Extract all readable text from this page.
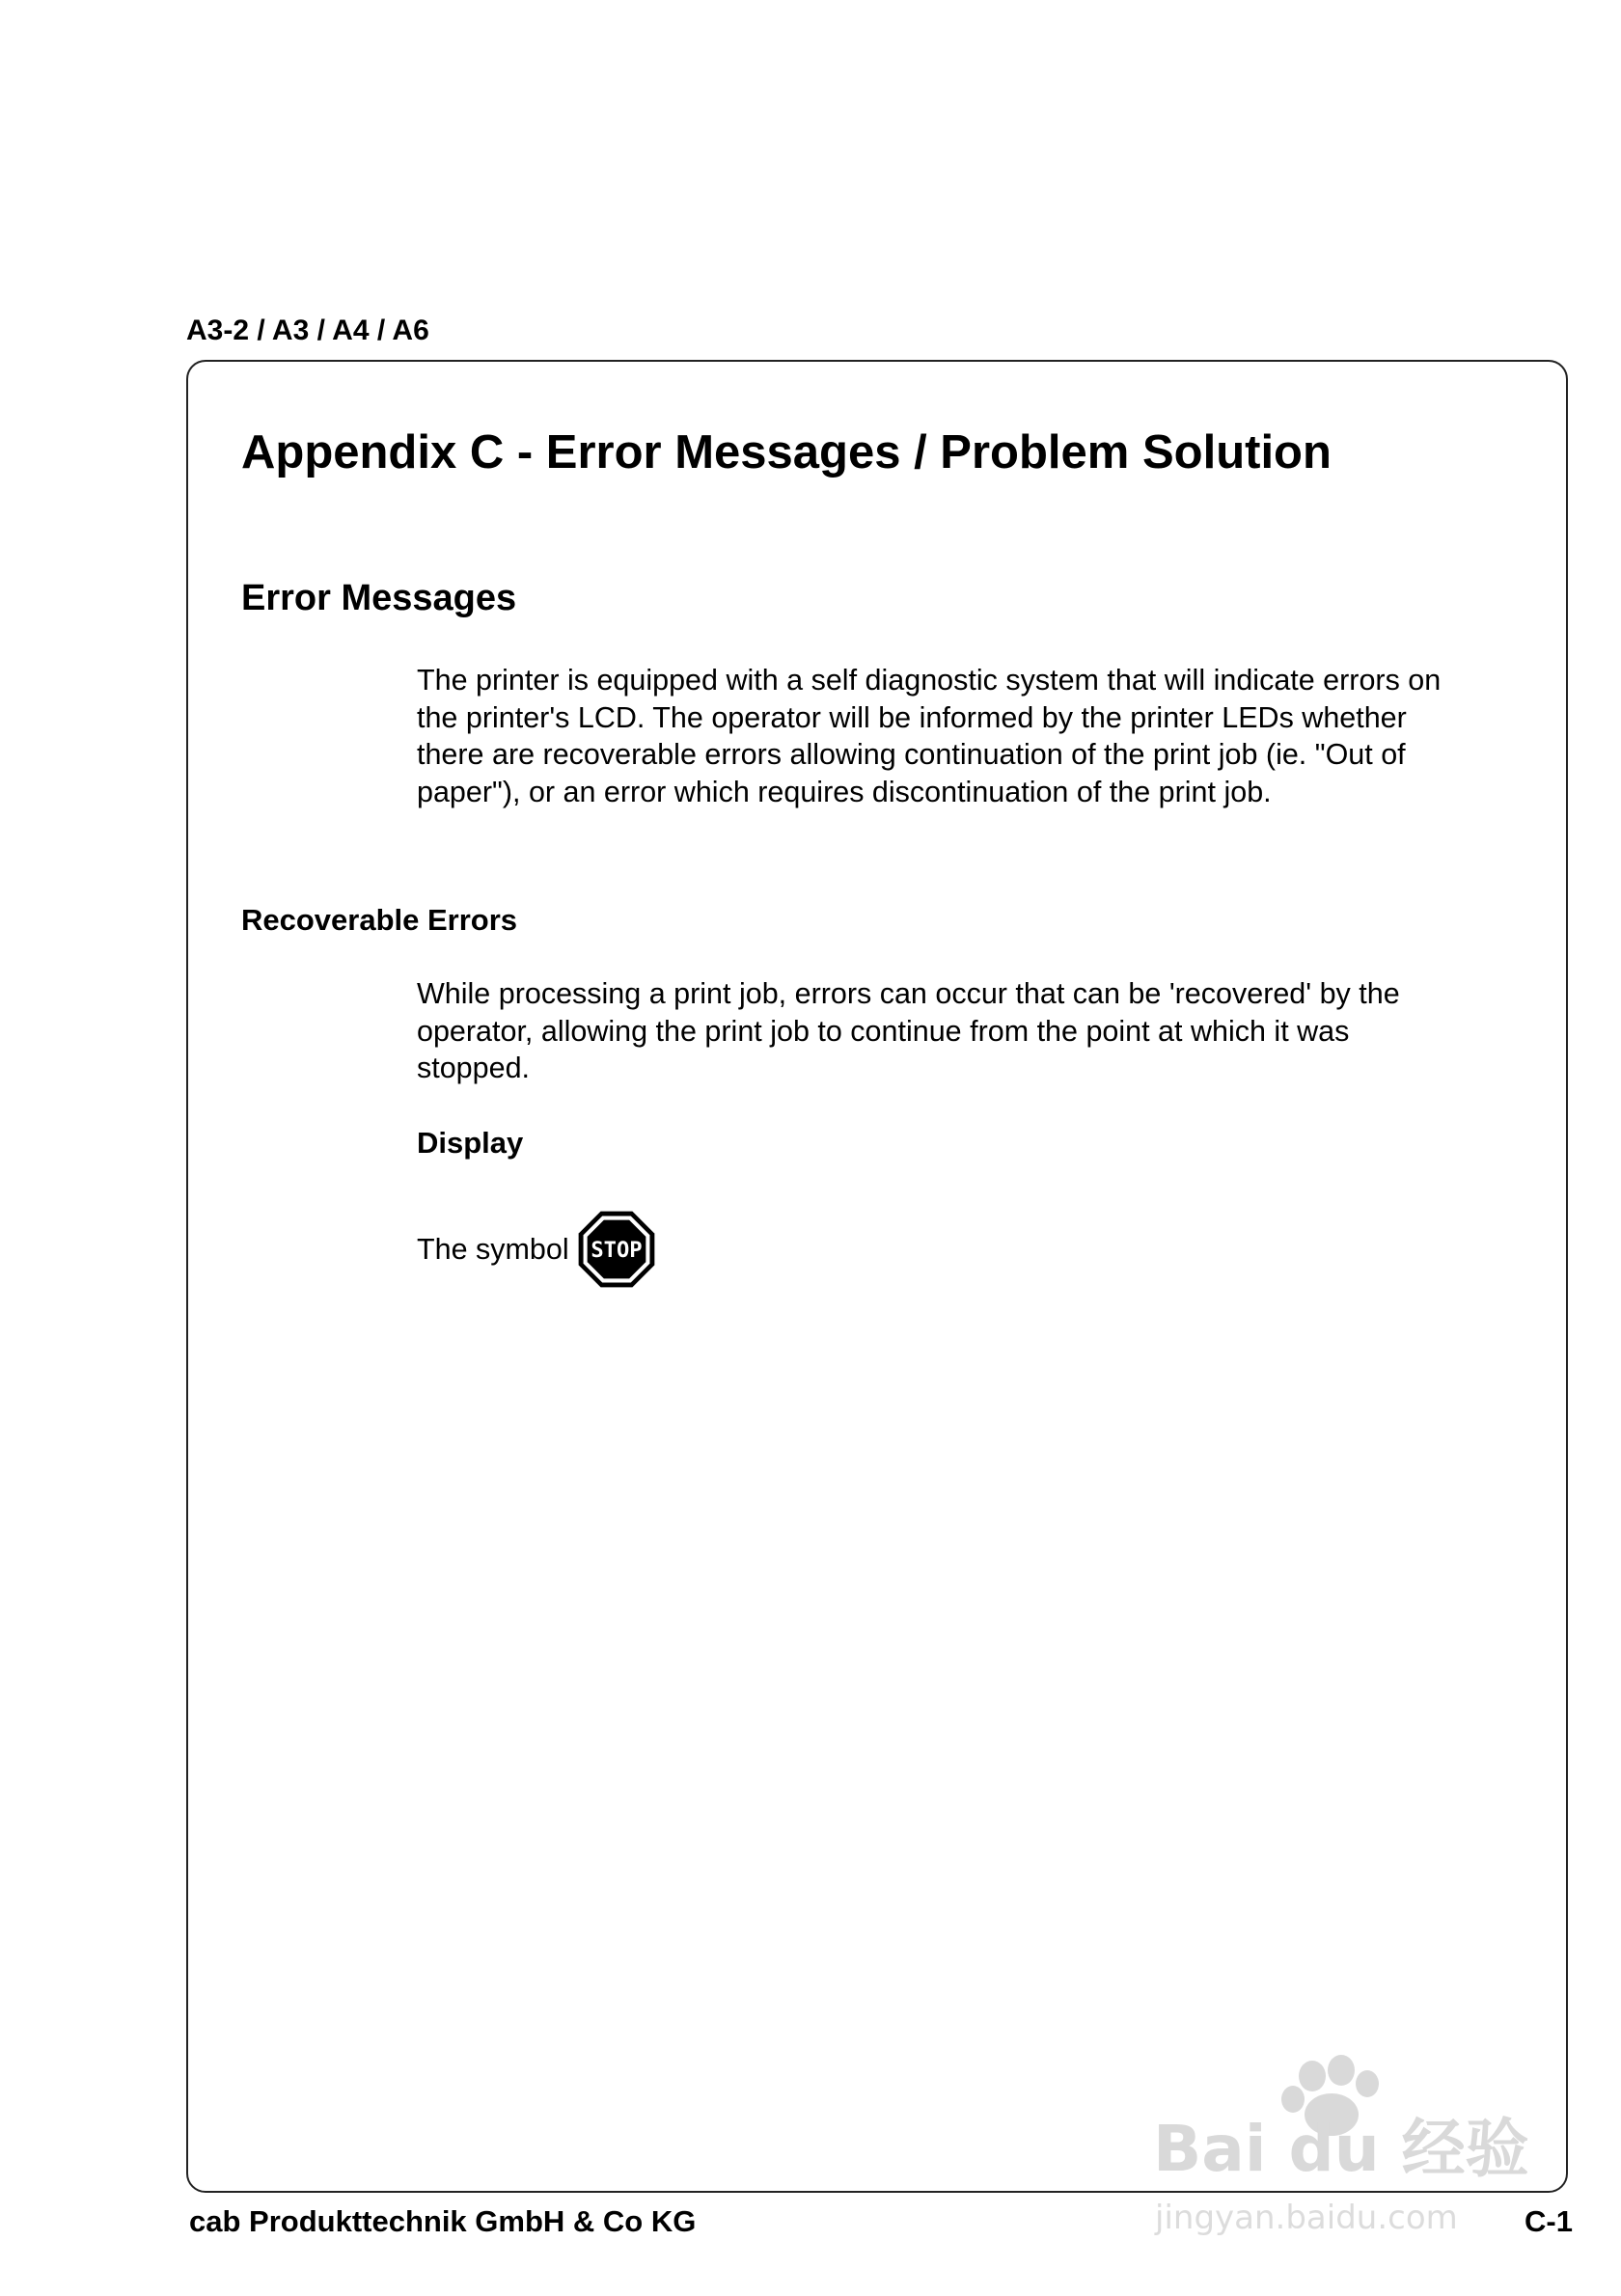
A3-2 / A3 / A4 / A6
Appendix C - Error Messages / Problem Solution
Error Messages
The printer is equipped with a self diagnostic system that will indicate errors on
the printer's LCD. The operator will be informed by the printer LEDs whether
there are recoverable errors allowing continuation of the print job (ie. "Out of
paper"), or an error which requires discontinuation of the print job.
Recoverable Errors
While processing a print job, errors can occur that can be 'recovered' by the
operator, allowing the print job to continue from the point at which it was
stopped.
Display
The symbol STOP
cab Produkttechnik GmbH & Co KG	C-1
Bai du 经验
jingyan.baidu.com
